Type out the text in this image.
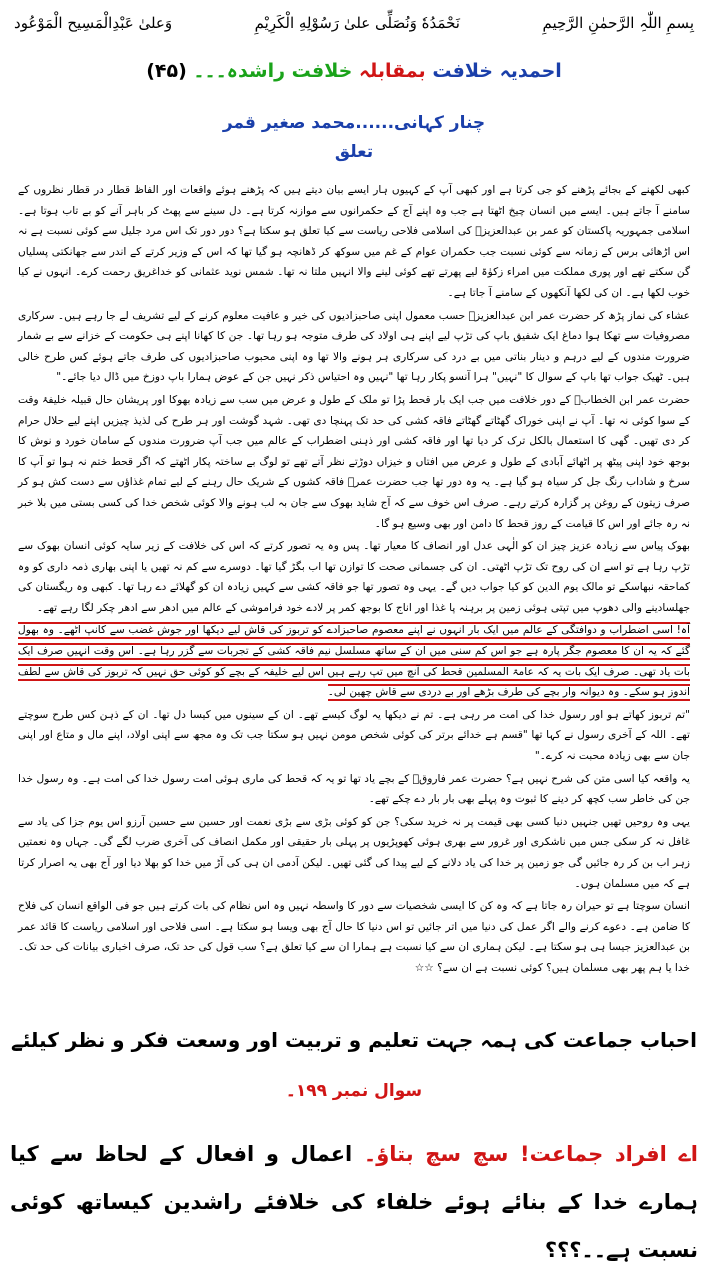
بِسمِ اللّٰہِ الرَّحمٰنِ الرَّحِیمِ
نَحْمَدُهٗ وَنُصَلِّی علیٰ رَسُوْلِهِ الْكَرِیْمِ
وَعلیٰ عَبْدِالْمَسِیح الْمَوْعُود
احمدیہ خلافت بمقابلہ خلافت راشدہ۔۔۔ (۴۵)
چنار کہانی......محمد صغیر قمر
تعلق

کبھی لکھنے کے بجائے پڑھنے کو جی کرتا ہے اور کبھی آپ کے کہیوں ہار ایسے بیان دیتے ہیں کہ پڑھنے ہوئے واقعات اور الفاظ قطار در قطار نظروں کے سامنے آ جاتے ہیں۔ ایسے میں انسان چیخ اٹھتا ہے جب وہ اپنے آج کے حکمرانوں سے موازنہ کرتا ہے۔ دل سینے سے پھٹ کر باہر آنے کو بے تاب ہوتا ہے۔ اسلامی جمہوریہ پاکستان کو عمر بن عبدالعزیزؒ کی اسلامی فلاحی ریاست سے کیا تعلق ہو سکتا ہے؟ دور دور تک اس مرد جلیل سے کوئی نسبت ہے نہ اس اڑھائی برس کے زمانہ سے کوئی نسبت جب حکمران عوام کے غم میں سوکھ کر ڈھانچہ ہو گیا تھا کہ اس کے وزیر کرتے کے اندر سے جھانکتی پسلیاں گن سکتے تھے اور پوری مملکت میں امراء زکوٰۃ لیے پھرتے تھے کوئی لینے والا انہیں ملتا نہ تھا۔ شمس نوید عثمانی کو خداغریق رحمت کرے۔ انہوں نے کیا خوب لکھا ہے۔ ان کی لکھا آنکھوں کے سامنے آ جاتا ہے۔

عشاء کی نماز پڑھ کر حضرت عمر ابن عبدالعزیزؒ حسب معمول اپنی صاحبزادیوں کی خیر و عافیت معلوم کرنے کے لیے تشریف لے جا رہے ہیں۔ سرکاری مصروفیات سے تھکا ہوا دماغ ایک شفیق باپ کی تڑپ لیے اپنے ہی اولاد کی طرف متوجہ ہو رہا تھا۔ جن کا کھانا اپنے ہی حکومت کے خزانے سے بے شمار ضرورت مندوں کے لیے درہم و دینار بناتی میں بے درد کی سرکاری ہر ہونے والا تھا وہ اپنی محبوب صاحبزادیوں کی طرف جاتے ہوئے کس طرح خالی ہیں۔ ٹھیک جواب تھا باپ کے سوال کا "نہیں" ہرا آنسو پکار رہا تھا "نہیں وہ احتیاس ذکر نہیں جن کے عوض ہمارا باپ دوزخ میں ڈال دیا جائے۔"

حضرت عمر ابن الخطابؓ کے دور خلافت میں جب ایک بار قحط پڑا تو ملک کے طول و عرض میں سب سے زیادہ بھوکا اور پریشان حال قبیلہ خلیفۂ وقت کے سوا کوئی نہ تھا۔ آپ نے اپنی خوراک گھٹاتے گھٹاتے فاقہ کشی کی حد تک پہنچا دی تھی۔ شہد گوشت اور ہر طرح کی لذیذ چیزیں اپنے لیے حلال حرام کر دی تھیں۔ گھی کا استعمال بالکل ترک کر دیا تھا اور فاقہ کشی اور ذہنی اضطراب کے عالم میں جب آپ ضرورت مندوں کے سامان خورد و نوش کا بوجھ خود اپنی پیٹھ پر اٹھائے آبادی کے طول و عرض میں افتاں و خیزاں دوڑتے نظر آتے تھے تو لوگ بے ساختہ پکار اٹھتے کہ اگر قحط ختم نہ ہوا تو آپ کا سرخ و شاداب رنگ جل کر سیاہ ہو گیا ہے۔ یہ وہ دور تھا جب حضرت عمرؓ فاقہ کشوں کے شریک حال رہنے کے لیے تمام غذاؤں سے دست کش ہو کر صرف زیتون کے روغن پر گزارہ کرتے رہے۔ صرف اس خوف سے کہ آج شاید بھوک سے جان بہ لب ہونے والا کوئی شخص خدا کی کسی بستی میں بلا خبر نہ رہ جائے اور اس کا قیامت کے روز قحط کا دامن اور بھی وسیع ہو گا۔

بھوک پیاس سے زیادہ عزیز چیز ان کو الٰہی عدل اور انصاف کا معیار تھا۔ پس وہ یہ تصور کرتے کہ اس کی خلافت کے زیر سایہ کوئی انسان بھوک سے تڑپ رہا ہے تو اسے ان کی روح تک تڑپ اٹھتی۔ ان کی جسمانی صحت کا توازن تھا اب بگڑ گیا تھا۔ دوسرے سے کم نہ تھیں یا اپنی بھاری ذمہ داری کو وہ کماحقہ نبھاسکے تو مالک یوم الدین کو کیا جواب دیں گے۔ یہی وہ تصور تھا جو فاقہ کشی سے کہیں زیادہ ان کو گھلائے دے رہا تھا۔ کبھی وہ ریگستان کی جھلسادینے والی دھوپ میں تپتی ہوئی زمین پر برہنہ پا غذا اور اناج کا بوجھ کمر پر لادے خود فراموشی کے عالم میں ادھر سے ادھر چکر لگا رہے تھے۔

آہ! اسی اضطراب و دوافتگی کے عالم میں ایک بار انہوں نے اپنے معصوم صاحبزادے کو تربوز کی قاش لیے دیکھا اور جوش غضب سے کانپ اٹھے۔ وہ بھول گئے کہ یہ ان کا معصوم جگر پارہ ہے جو اس کم سنی میں ان کے ساتھ مسلسل نیم فاقہ کشی کے تجربات سے گزر رہا ہے۔ اس وقت انہیں صرف ایک بات یاد تھی۔ صرف ایک بات یہ کہ عامۃ المسلمین قحط کی آنچ میں تپ رہے ہیں اس لیے خلیفہ کے بچے کو کوئی حق نہیں کہ تربوز کی قاش سے لطف اندوز ہو سکے۔ وہ دیوانہ وار بچے کی طرف بڑھے اور بے دردی سے قاش چھین لی۔

"تم تربوز کھاتے ہو اور رسول خدا کی امت مر رہی ہے۔ تم نے دیکھا یہ لوگ کیسے تھے۔ ان کے سینوں میں کیسا دل تھا۔ ان کے ذہن کس طرح سوچتے تھے۔ اللہ کے آخری رسول نے کہا تھا "قسم ہے خدائے برتر کی کوئی شخص مومن نہیں ہو سکتا جب تک وہ مجھ سے اپنی اولاد، اپنے مال و متاع اور اپنی جان سے بھی زیادہ محبت نہ کرے۔"

یہ واقعہ کیا اسی متن کی شرح نہیں ہے؟ حضرت عمر فاروقؓ کے بچے یاد تھا تو یہ کہ قحط کی ماری ہوئی امت رسول خدا کی امت ہے۔ وہ رسول خدا جن کی خاطر سب کچھ کر دینے کا ثبوت وہ پہلے بھی بار بار دے چکے تھے۔

یہی وہ روحیں تھیں جنہیں دنیا کسی بھی قیمت پر نہ خرید سکی؟ جن کو کوئی بڑی سے بڑی نعمت اور حسین سے حسین آرزو اس یوم جزا کی یاد سے غافل نہ کر سکی جس میں ناشکری اور غرور سے بھری ہوئی کھوپڑیوں پر پہلی بار حقیقی اور مکمل انصاف کی آخری ضرب لگے گی۔ جہاں وہ نعمتیں زہر اب بن کر رہ جائیں گی جو زمین پر خدا کی یاد دلانے کے لیے پیدا کی گئی تھیں۔ لیکن آدمی ان ہی کی آڑ میں خدا کو بھلا دیا اور آج بھی یہ اصرار کرتا ہے کہ میں مسلمان ہوں۔

انسان سوچتا ہے تو حیران رہ جاتا ہے کہ وہ کن کا ایسی شخصیات سے دور کا واسطہ نہیں وہ اس نظام کی بات کرتے ہیں جو فی الواقع انسان کی فلاح کا ضامن ہے۔ دعوے کرنے والے اگر عمل کی دنیا میں اتر جائیں تو اس دنیا کا حال آج بھی ویسا ہو سکتا ہے۔ اسی فلاحی اور اسلامی ریاست کا قائد عمر بن عبدالعزیز جیسا ہی ہو سکتا ہے۔ لیکن ہماری ان سے کیا نسبت ہے ہمارا ان سے کیا تعلق ہے؟ سب قول کی حد تک، صرف اخباری بیانات کی حد تک۔ خدا یا ہم پھر بھی مسلمان ہیں؟ کوئی نسبت ہے ان سے؟ ☆☆

احباب جماعت کی ہمہ جہت تعلیم و تربیت اور وسعت فکر و نظر کیلئے
سوال نمبر ۱۹۹۔
اے افراد جماعت! سچ سچ بتاؤ۔ اعمال و افعال کے لحاظ سے کیا ہمارے خدا کے بنائے ہوئے خلفاء کی خلافئے راشدین کیساتھ کوئی نسبت ہے۔۔؟؟؟
